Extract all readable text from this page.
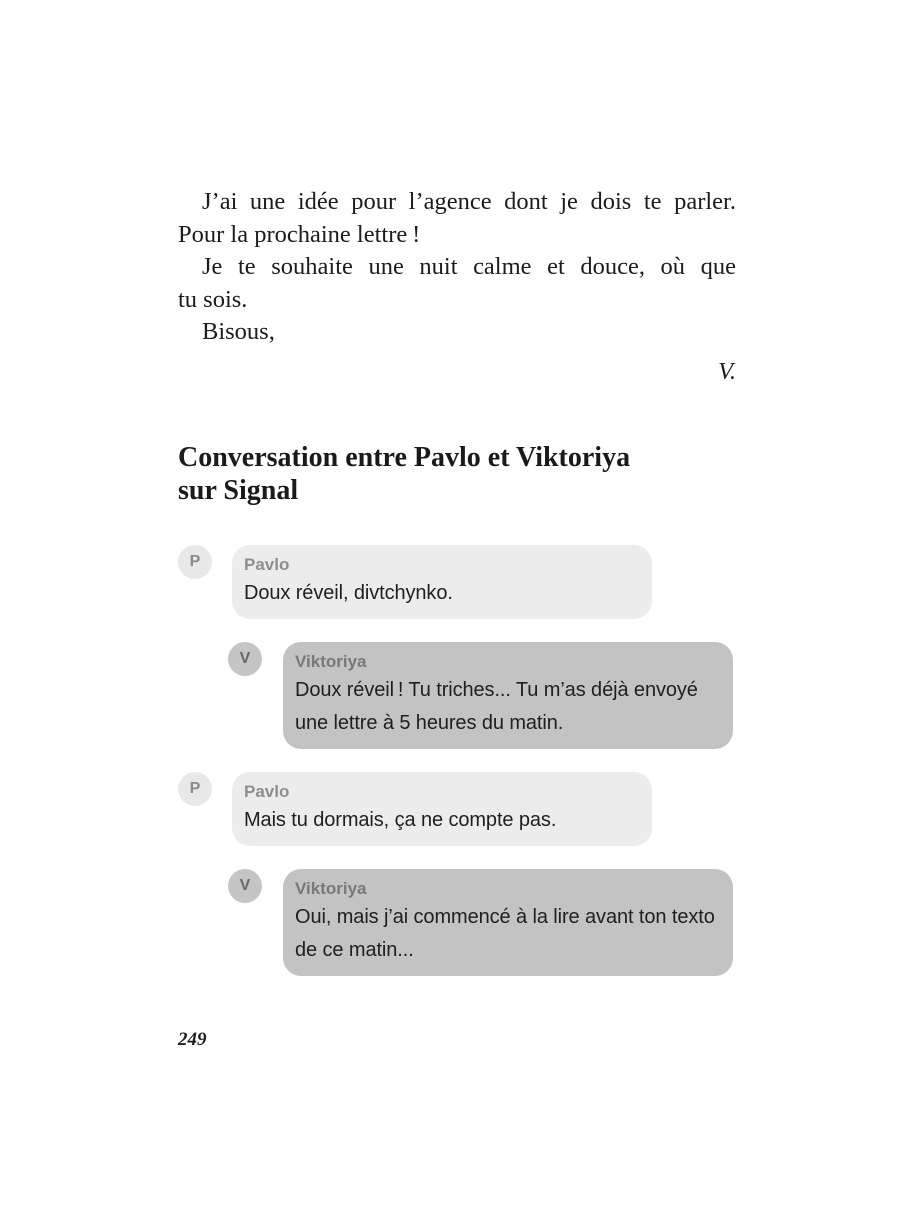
J’ai une idée pour l’agence dont je dois te parler.
Pour la prochaine lettre !
Je te souhaite une nuit calme et douce, où que
tu sois.
Bisous,
V.
Conversation entre Pavlo et Viktoriya
sur Signal
P	Pavlo
Doux réveil, divtchynko.
V	Viktoriya
Doux réveil ! Tu triches... Tu m’as déjà envoyé une lettre à 5 heures du matin.
P	Pavlo
Mais tu dormais, ça ne compte pas.
V	Viktoriya
Oui, mais j’ai commencé à la lire avant ton texto de ce matin...
249
